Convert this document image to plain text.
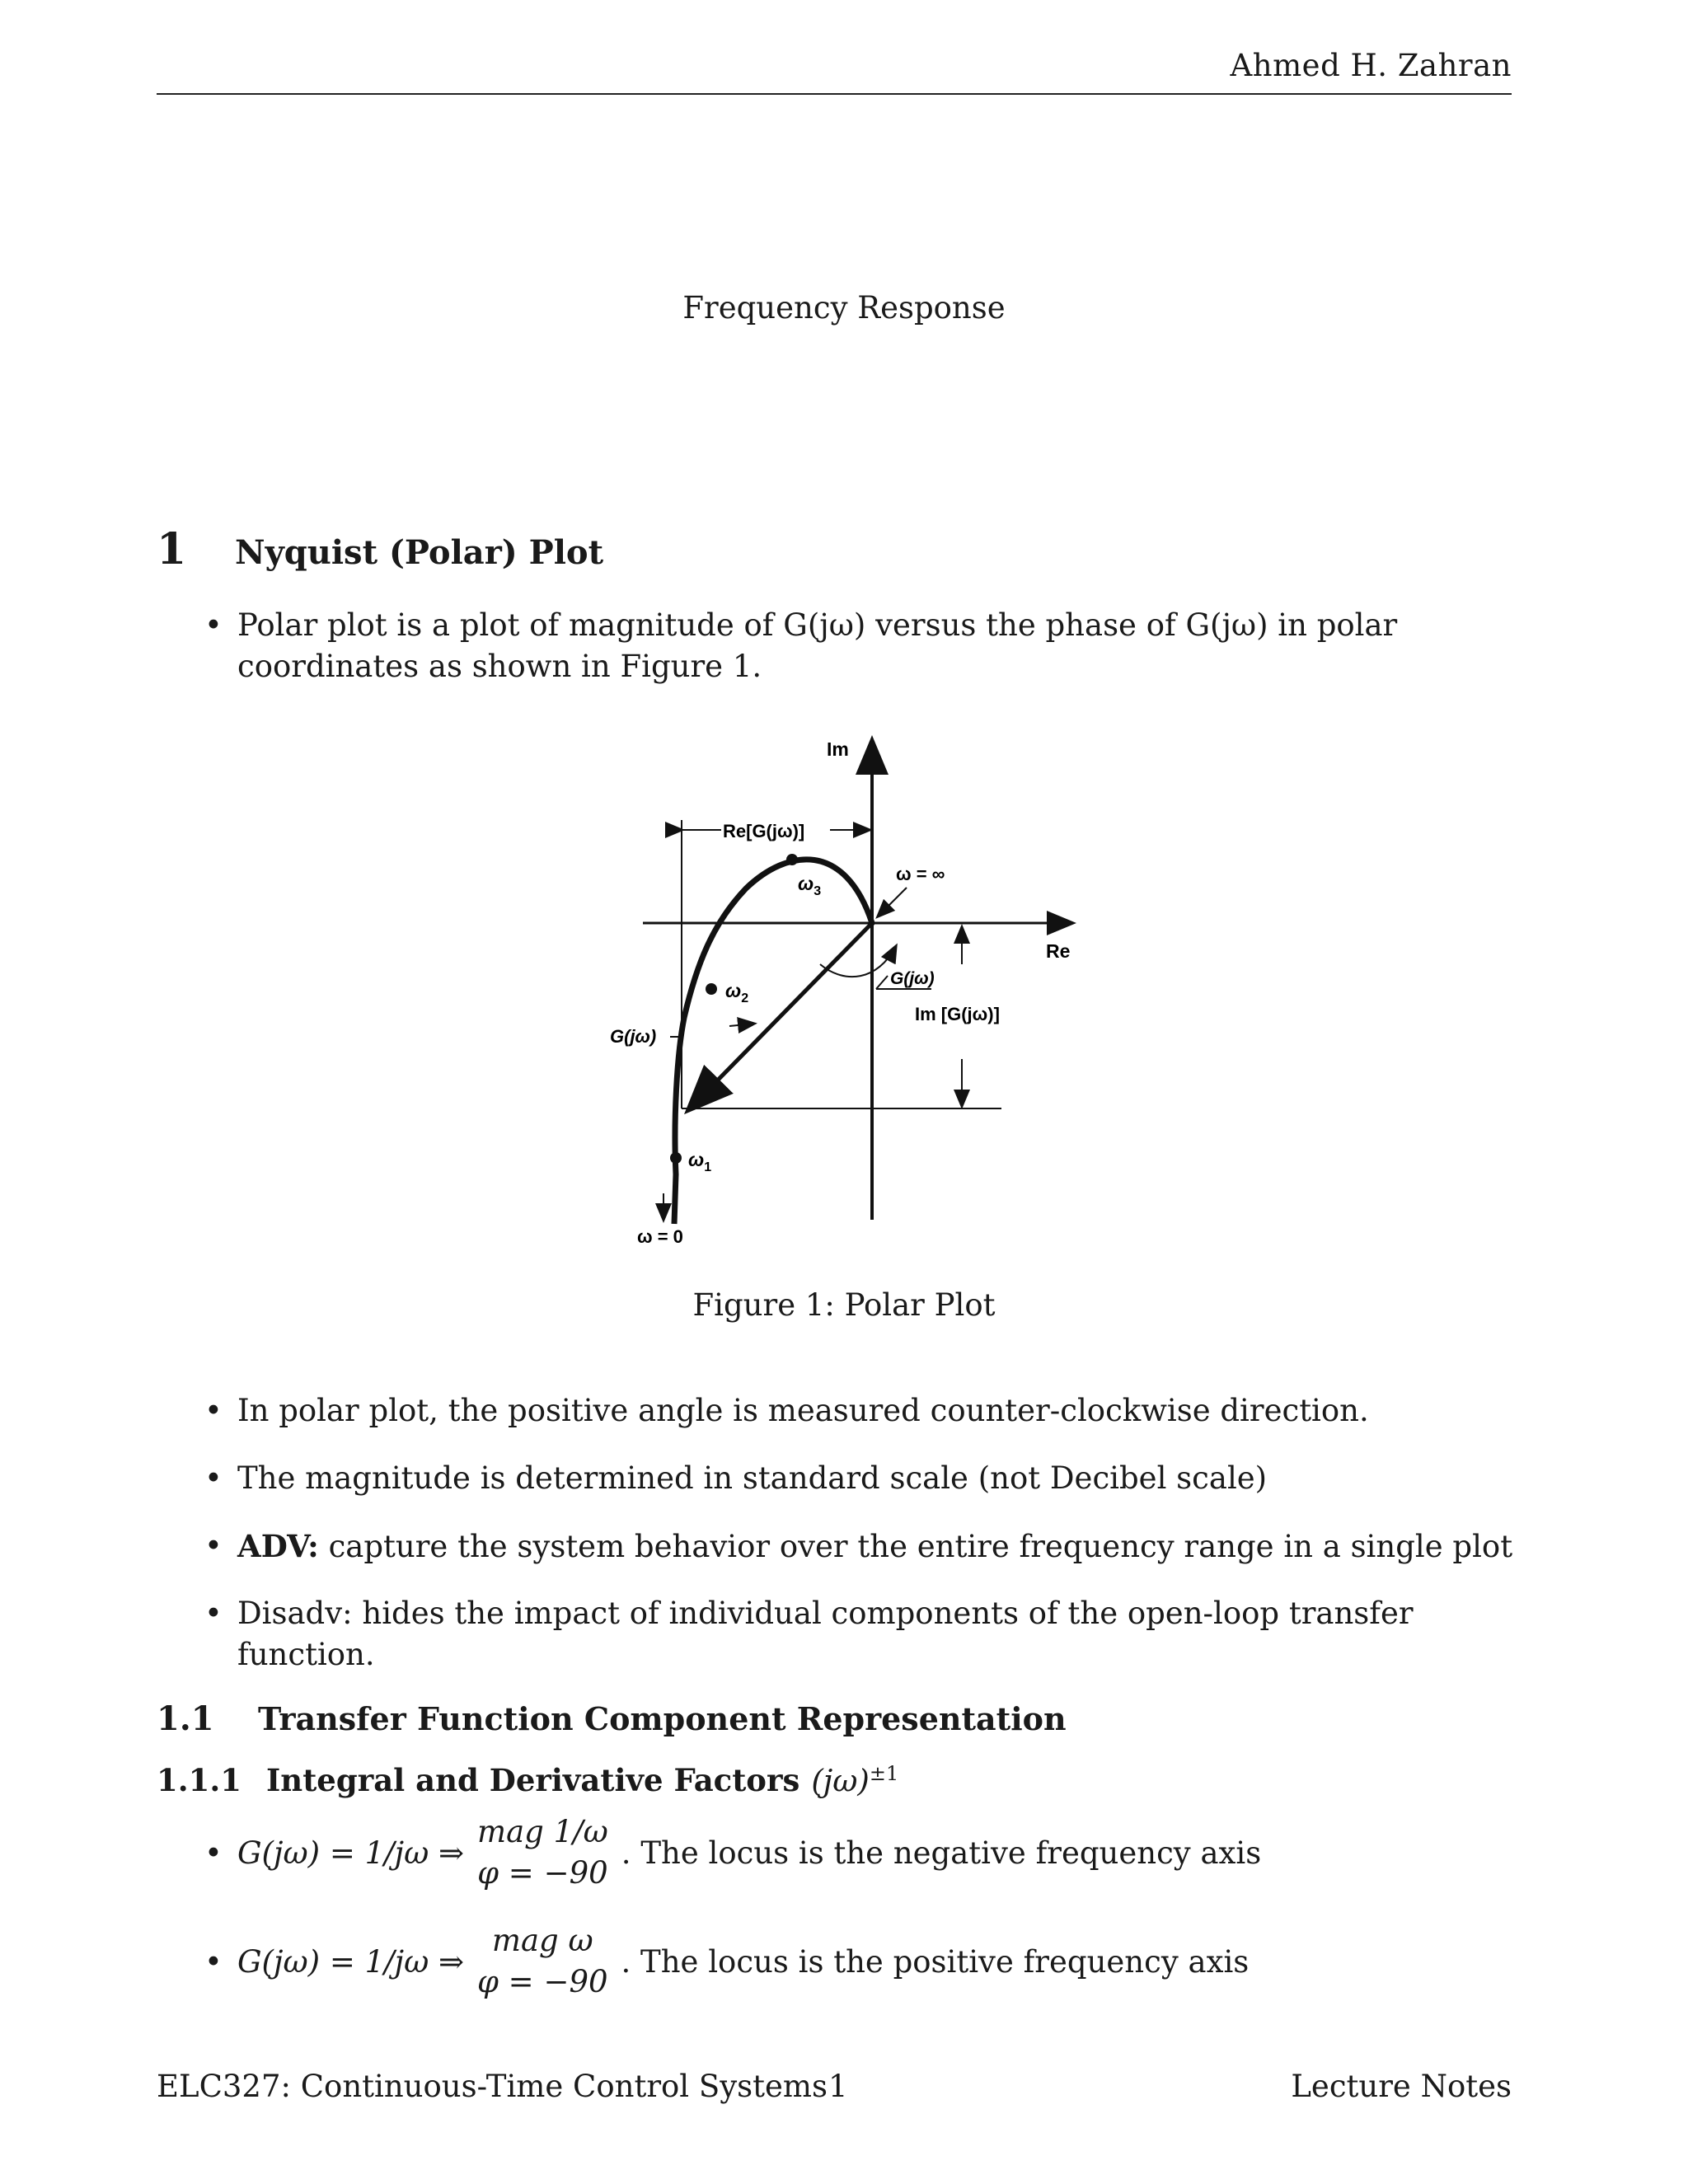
Ahmed H. Zahran
Frequency Response
1	Nyquist (Polar) Plot
• Polar plot is a plot of magnitude of G(jω) versus the phase of G(jω) in polar coordinates as shown in Figure 1.
Im
Re
Re[G(jω)]
Im [G(jω)]
G(jω)
G(jω)
ω = ∞
$\omega_1$
$\omega_2$
$\omega_3$
ω = 0
Figure 1: Polar Plot
• In polar plot, the positive angle is measured counter-clockwise direction.
• The magnitude is determined in standard scale (not Decibel scale)
• ADV: capture the system behavior over the entire frequency range in a single plot
• Disadv: hides the impact of individual components of the open-loop transfer function.
1.1	Transfer Function Component Representation
1.1.1 Integral and Derivative Factors $(j\omega)^{\pm 1}$
• G(jω) = 1/jω ⇒
mag 1/ω
φ = −90
. The locus is the negative frequency axis
• G(jω) = 1/jω ⇒
mag ω
φ = −90
. The locus is the positive frequency axis
ELC327: Continuous-Time Control Systems 1	Lecture Notes
